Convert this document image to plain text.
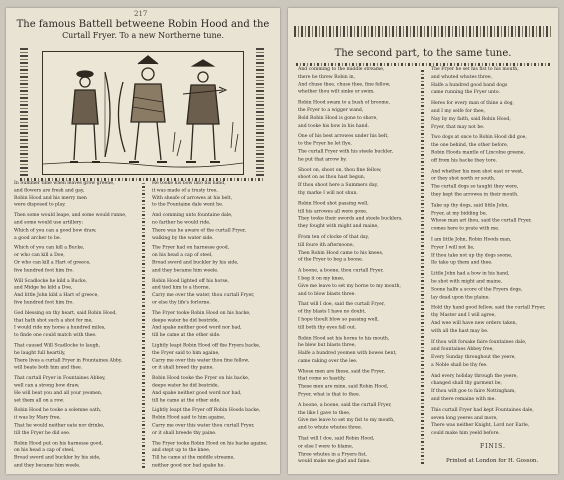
217
The famous Battell betweene Robin Hood and the
Curtall Fryer. To a new Northerne tune.

In Summer time when leaves grow greene,

and flowers are fresh and gay,

Robin Hood and his merry men

were disposed to play.

Then some would leape, and some would runne,

and some would use artillery:

Which of you can a good bow draw,

a good archer to be.

Which of you can kill a Bucke,

or who can kill a Doe,

Or who can kill a Hart of greece,

five hundred foot him fro.

Will Scadlocke he kild a Bucke,

and Midge he kild a Doe,

And little John kild a Hart of greece,

five hundred foot him fro.

God blessing on thy heart, said Robin Hood,

that hath shot such a shot for me,

I would ride my horse a hundred miles,

to finde one could match with thee.

That caused Will Scadlocke to laugh,

he laught full heartily,

There lives a curtall Fryer in Fountaines Abby,

will beate both him and thee.

That curtall Fryer in Fountaines Abbey,

well can a strong bow draw,

He will beat you and all your yeomen,

set them all on a row.

Robin Hood he tooke a solemne oath,

it was by Mary free,

That he would neither eate nor drinke,

till the Fryer he did see.

Robin Hood put on his harnesse good,

on his head a cap of steel,

Broad sword and buckler by his side,

and they became him weele.

He tooke his bow into his hand,

it was made of a trusty tree,

With sheafe of arrowes at his belt,

to the Fountaine dale went he.

And comming unto fountaine dale,

no farther he would ride,

There was he aware of the curtall Fryer,

walking by the water side.

The Fryer had on harnesse good,

on his head a cap of steel,

Broad sword and buckler by his side,

and they became him weele.

Robin Hood lighted off his horse,

and tied him to a thorne,

Carry me over the water, thou curtall Fryer,

or else thy life's forlorne.

The Fryer tooke Robin Hood on his backe,

deepe water he did bestride,

And spake neither good word nor bad,

till he came at the other side.

Lightly leapt Robin Hood off the Fryers backe,

the Fryer said to him againe,

Carry me over this water thou fine fellow,

or it shall breed thy paine.

Robin Hood tooke the Fryer on his backe,

deepe water he did bestride,

And spake neither good word nor bad,

till he came at the other side.

Lightly leapt the Fryer off Robin Hoods backe,

Robin Hood said to him againe,

Carry me over this water thou curtall Fryer,

or it shall breede thy paine.

The Fryer tooke Robin Hood on his backe againe,

and stept up to the knee,

Till he came at the middle streame,

neither good nor bad spake he.

The second part, to the same tune.

And comming to the middle streame,

there he threw Robin in,

And chuse thee, chuse thee, fine fellow,

whether thou wilt sinke or swim.

Robin Hood swam to a bush of broome,

the Fryer to a wigger wand,

Bold Robin Hood is gone to shore,

and tooke his bow in his hand.

One of his best arrowes under his belt,

to the Fryer he let flye,

The curtall Fryer with his steele buckler,

he put that arrow by.

Shoot on, shoot on, thou fine fellow,

shoot on as thou hast begun,

If thou shoot here a Summers day,

thy marke I will not shun.

Robin Hood shot passing well,

till his arrowes all were gone,

They tooke their swords and steele bucklers,

they fought with might and maine,

From ten of clocke of that day,

till foure ith afternoone,

Then Robin Hood came to his knees,

of the Fryer to beg a boone.

A boone, a boone, thou curtall Fryer,

I beg it on my knee,

Give me leave to set my horne to my mouth,

and to blow blasts three.

That will I doe, said the curtall Fryer,

of thy blasts I have no doubt,

I hope thoult blow so passing well,

till both thy eyes fall out.

Robin Hood set his horne to his mouth,

he blew but blasts three,

Halfe a hundred yeomen with bowes bent,

came raking over the lee.

Whose men are these, said the Fryer,

that come so hastily,

These men are mine, said Robin Hood,

Fryer, what is that to thee.

A boone, a boone, said the curtall Fryer,

the like I gave to thee,

Give me leave to set my fist to my mouth,

and to whute whutes three.

That will I doe, said Robin Hood,

or else I were to blame,

Three whutes in a Fryers fist,

would make me glad and faine.

The Fryer he set his fist to his mouth,

and whuted whutes three,

Halfe a hundred good band dogs

came running the Fryer unto.

Heres for every man of thine a dog,

and I my selfe for thee,

Nay by my faith, said Robin Hood,

Fryer, that may not be.

Two dogs at once to Robin Hood did goe,

the one behind, the other before,

Robin Hoods mantle of Lincolne greene,

off from his backe they tore.

And whether his men shot east or west,

or they shot north or south,

The curtall dogs so taught they were,

they kept the arrowes in their mouth.

Take up thy dogs, said little John,

Fryer, at my bidding be,

Whose man art thou, said the curtall Fryer,

comes here to prate with me.

I am little John, Robin Hoods man,

Fryer I will not lie,

If thou take not up thy dogs soone,

Ile take up them and thee.

Little John had a bow in his hand,

he shot with might and maine,

Soone halfe a score of the Fryers dogs,

lay dead upon the plaine.

Hold thy hand good fellow, said the curtall Fryer,

thy Master and I will agree,

And wee will have new orders taken,

with all the hast may be.

If thou wilt forsake faire fountaines dale,

and fountaines Abbey free,

Every Sunday throughout the yeere,

a Noble shall be thy fee.

And every holiday through the yeere,

changed shall thy garment be,

If thou wilt goe to faire Nottingham,

and there remaine with me.

This curtall Fryer had kept Fountaines dale,

seven long yeeres and more,

There was neither Knight, Lord nor Earle,

could make him yeeld before.

FINIS.
Printed at London for H. Gosson.
